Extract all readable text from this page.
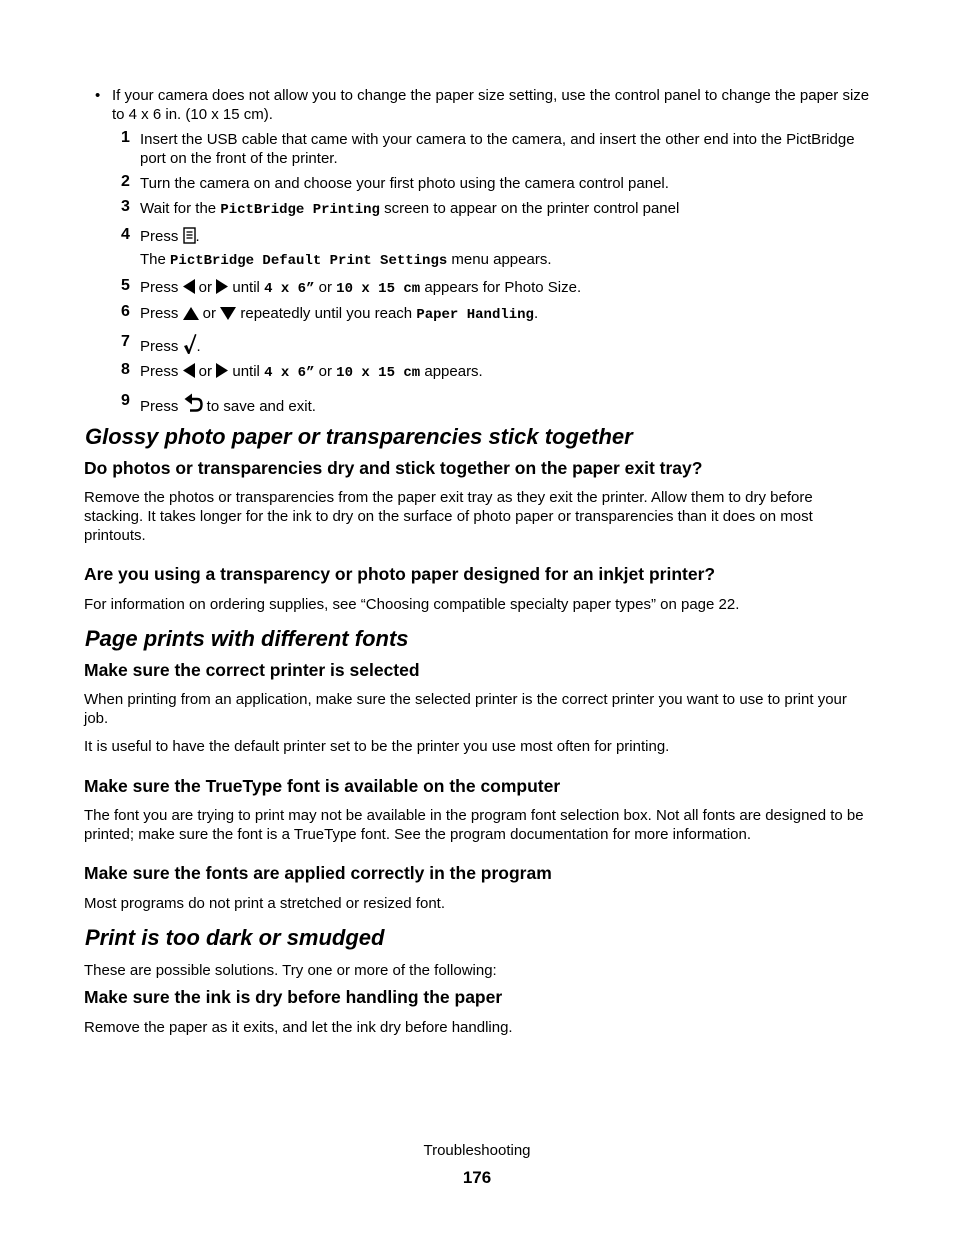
• If your camera does not allow you to change the paper size setting, use the control panel to change the paper size to 4 x 6 in. (10 x 15 cm).
1 Insert the USB cable that came with your camera to the camera, and insert the other end into the PictBridge port on the front of the printer.
2 Turn the camera on and choose your first photo using the camera control panel.
3 Wait for the PictBridge Printing screen to appear on the printer control panel
4 Press .
The PictBridge Default Print Settings menu appears.
5 Press  or  until 4 x 6” or 10 x 15 cm appears for Photo Size.
6 Press  or  repeatedly until you reach Paper Handling.
7 Press .
8 Press  or  until 4 x 6” or 10 x 15 cm appears.
9 Press  to save and exit.
Glossy photo paper or transparencies stick together
Do photos or transparencies dry and stick together on the paper exit tray?
Remove the photos or transparencies from the paper exit tray as they exit the printer. Allow them to dry before stacking. It takes longer for the ink to dry on the surface of photo paper or transparencies than it does on most printouts.
Are you using a transparency or photo paper designed for an inkjet printer?
For information on ordering supplies, see “Choosing compatible specialty paper types” on page 22.
Page prints with different fonts
Make sure the correct printer is selected
When printing from an application, make sure the selected printer is the correct printer you want to use to print your job.
It is useful to have the default printer set to be the printer you use most often for printing.
Make sure the TrueType font is available on the computer
The font you are trying to print may not be available in the program font selection box. Not all fonts are designed to be printed; make sure the font is a TrueType font. See the program documentation for more information.
Make sure the fonts are applied correctly in the program
Most programs do not print a stretched or resized font.
Print is too dark or smudged
These are possible solutions. Try one or more of the following:
Make sure the ink is dry before handling the paper
Remove the paper as it exits, and let the ink dry before handling.
Troubleshooting
176
